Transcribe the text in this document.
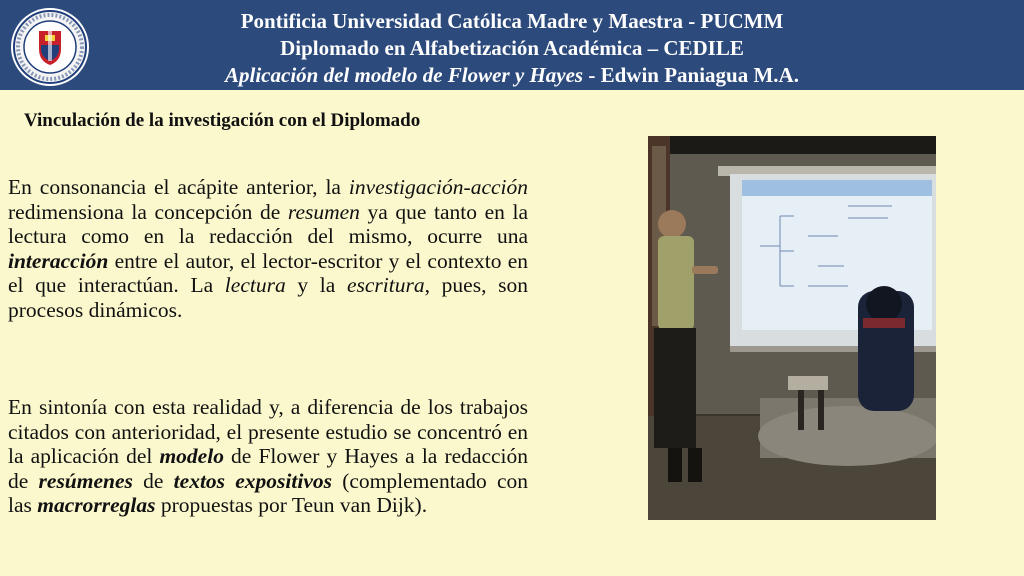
Pontificia Universidad Católica Madre y Maestra - PUCMM
Diplomado en Alfabetización Académica – CEDILE
Aplicación del modelo de Flower y Hayes - Edwin Paniagua M.A.
Vinculación de la investigación con el Diplomado
En consonancia el acápite anterior, la investigación-acción redimensiona la concepción de resumen ya que tanto en la lectura como en la redacción del mismo, ocurre una interacción entre el autor, el lector-escritor y el contexto en el que interactúan. La lectura y la escritura, pues, son procesos dinámicos.
En sintonía con esta realidad y, a diferencia de los trabajos citados con anterioridad, el presente estudio se concentró en la aplicación del modelo de Flower y Hayes a la redacción de resúmenes de textos expositivos (complementado con las macrorreglas propuestas por Teun van Dijk).
